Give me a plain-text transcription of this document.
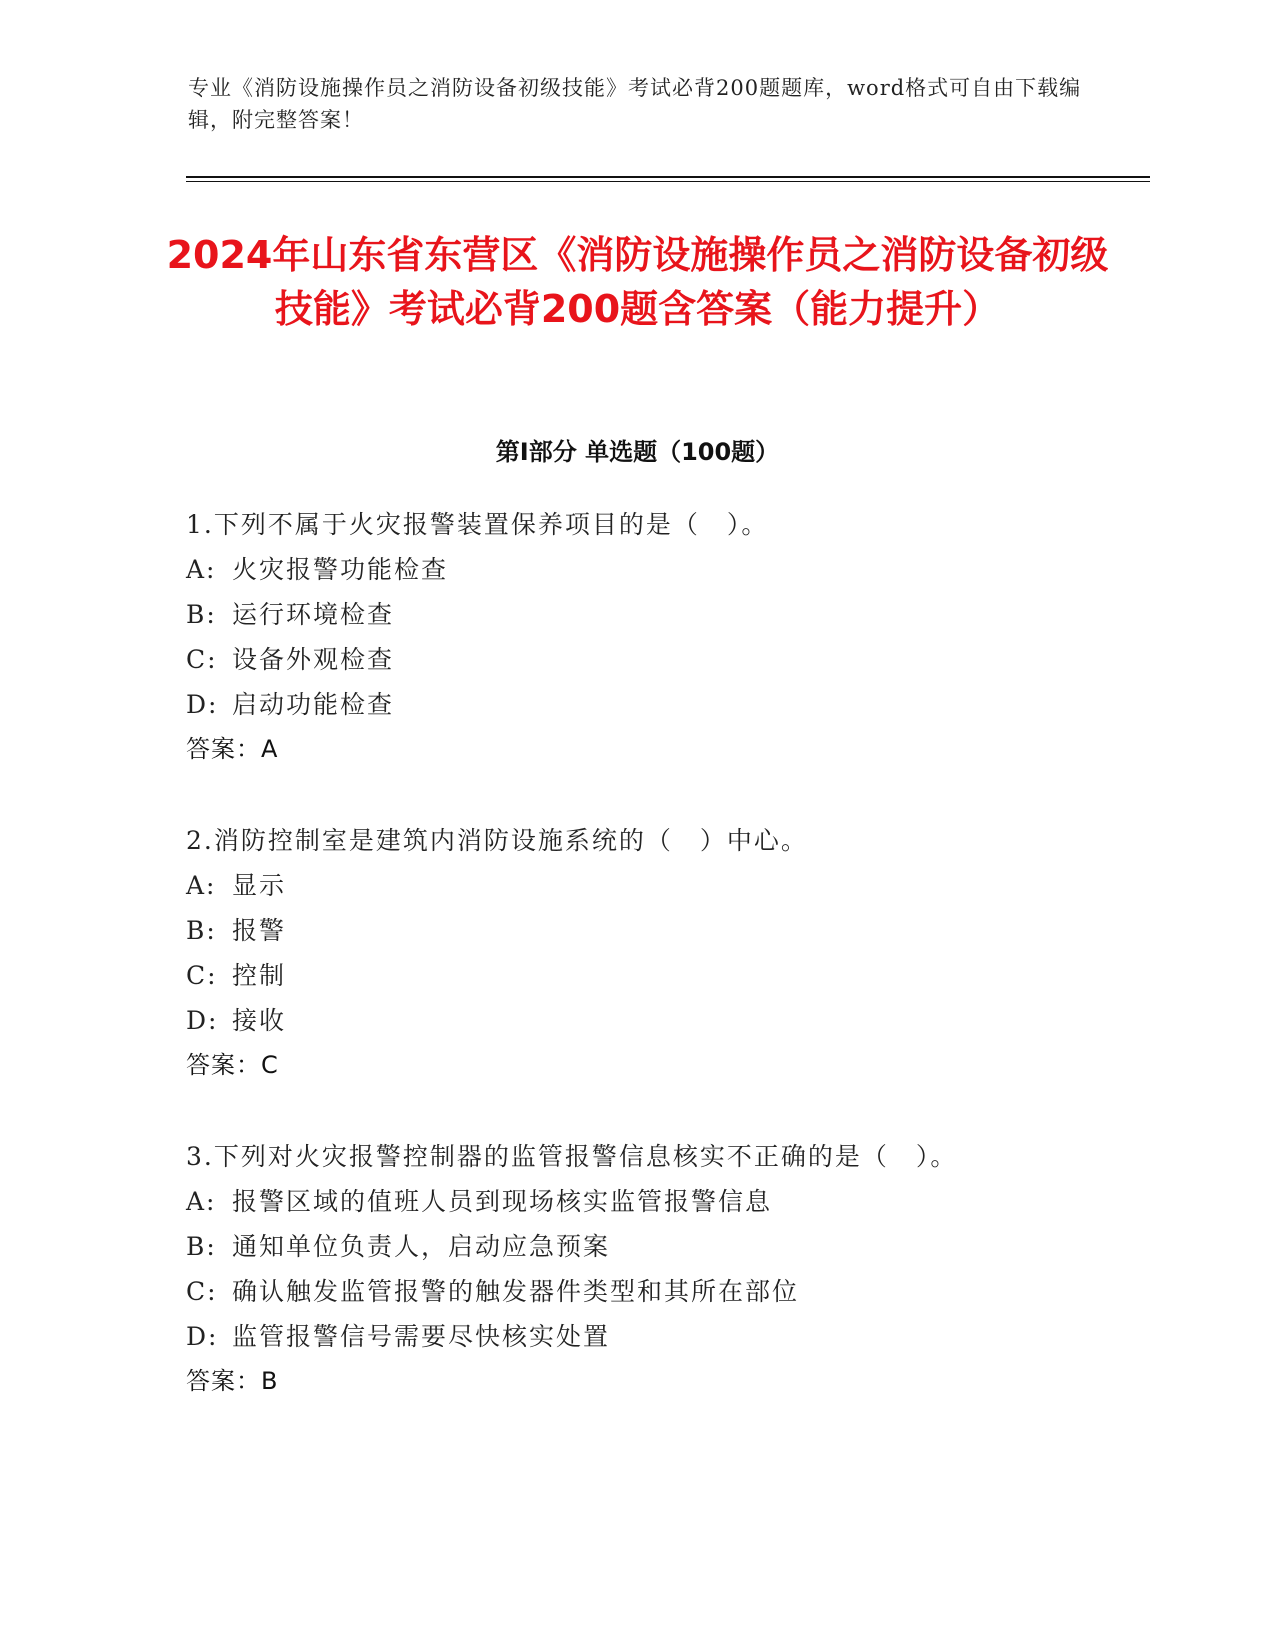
专业《消防设施操作员之消防设备初级技能》考试必背200题题库，word格式可自由下载编辑，附完整答案！
2024年山东省东营区《消防设施操作员之消防设备初级技能》考试必背200题含答案（能力提升）
第Ⅰ部分 单选题（100题）
1.下列不属于火灾报警装置保养项目的是（　）。
A: 火灾报警功能检查
B: 运行环境检查
C: 设备外观检查
D: 启动功能检查
答案：A
2.消防控制室是建筑内消防设施系统的（　）中心。
A: 显示
B: 报警
C: 控制
D: 接收
答案：C
3.下列对火灾报警控制器的监管报警信息核实不正确的是（　）。
A: 报警区域的值班人员到现场核实监管报警信息
B: 通知单位负责人，启动应急预案
C: 确认触发监管报警的触发器件类型和其所在部位
D: 监管报警信号需要尽快核实处置
答案：B
